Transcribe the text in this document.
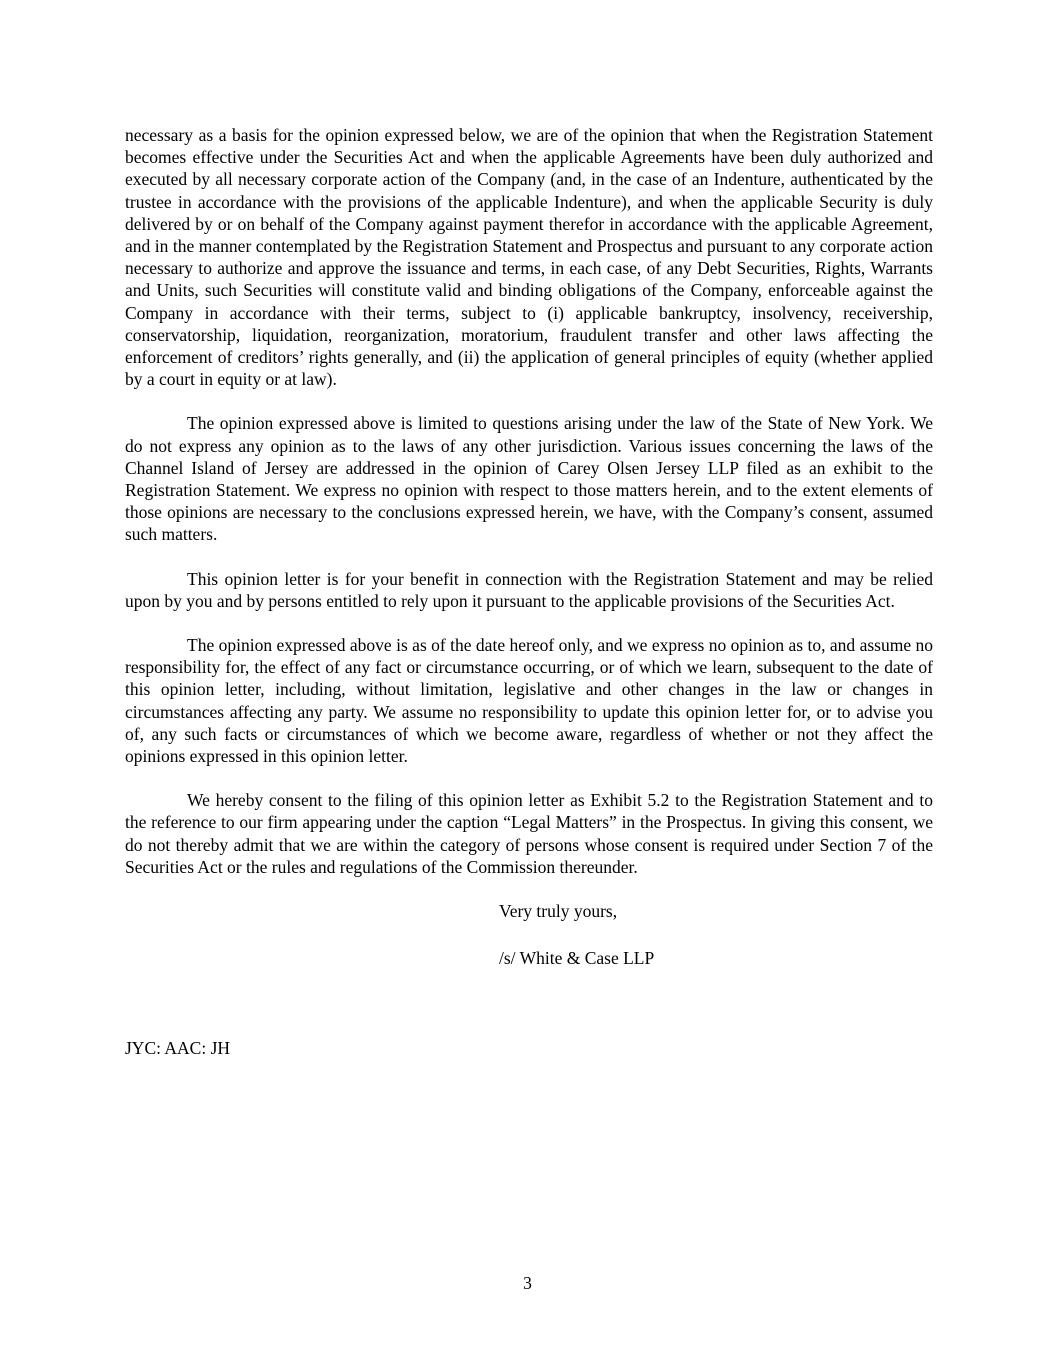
necessary as a basis for the opinion expressed below, we are of the opinion that when the Registration Statement becomes effective under the Securities Act and when the applicable Agreements have been duly authorized and executed by all necessary corporate action of the Company (and, in the case of an Indenture, authenticated by the trustee in accordance with the provisions of the applicable Indenture), and when the applicable Security is duly delivered by or on behalf of the Company against payment therefor in accordance with the applicable Agreement, and in the manner contemplated by the Registration Statement and Prospectus and pursuant to any corporate action necessary to authorize and approve the issuance and terms, in each case, of any Debt Securities, Rights, Warrants and Units, such Securities will constitute valid and binding obligations of the Company, enforceable against the Company in accordance with their terms, subject to (i) applicable bankruptcy, insolvency, receivership, conservatorship, liquidation, reorganization, moratorium, fraudulent transfer and other laws affecting the enforcement of creditors’ rights generally, and (ii) the application of general principles of equity (whether applied by a court in equity or at law).

The opinion expressed above is limited to questions arising under the law of the State of New York. We do not express any opinion as to the laws of any other jurisdiction. Various issues concerning the laws of the Channel Island of Jersey are addressed in the opinion of Carey Olsen Jersey LLP filed as an exhibit to the Registration Statement. We express no opinion with respect to those matters herein, and to the extent elements of those opinions are necessary to the conclusions expressed herein, we have, with the Company’s consent, assumed such matters.

This opinion letter is for your benefit in connection with the Registration Statement and may be relied upon by you and by persons entitled to rely upon it pursuant to the applicable provisions of the Securities Act.

The opinion expressed above is as of the date hereof only, and we express no opinion as to, and assume no responsibility for, the effect of any fact or circumstance occurring, or of which we learn, subsequent to the date of this opinion letter, including, without limitation, legislative and other changes in the law or changes in circumstances affecting any party. We assume no responsibility to update this opinion letter for, or to advise you of, any such facts or circumstances of which we become aware, regardless of whether or not they affect the opinions expressed in this opinion letter.

We hereby consent to the filing of this opinion letter as Exhibit 5.2 to the Registration Statement and to the reference to our firm appearing under the caption “Legal Matters” in the Prospectus. In giving this consent, we do not thereby admit that we are within the category of persons whose consent is required under Section 7 of the Securities Act or the rules and regulations of the Commission thereunder.

Very truly yours,
/s/ White & Case LLP
JYC: AAC: JH
3
